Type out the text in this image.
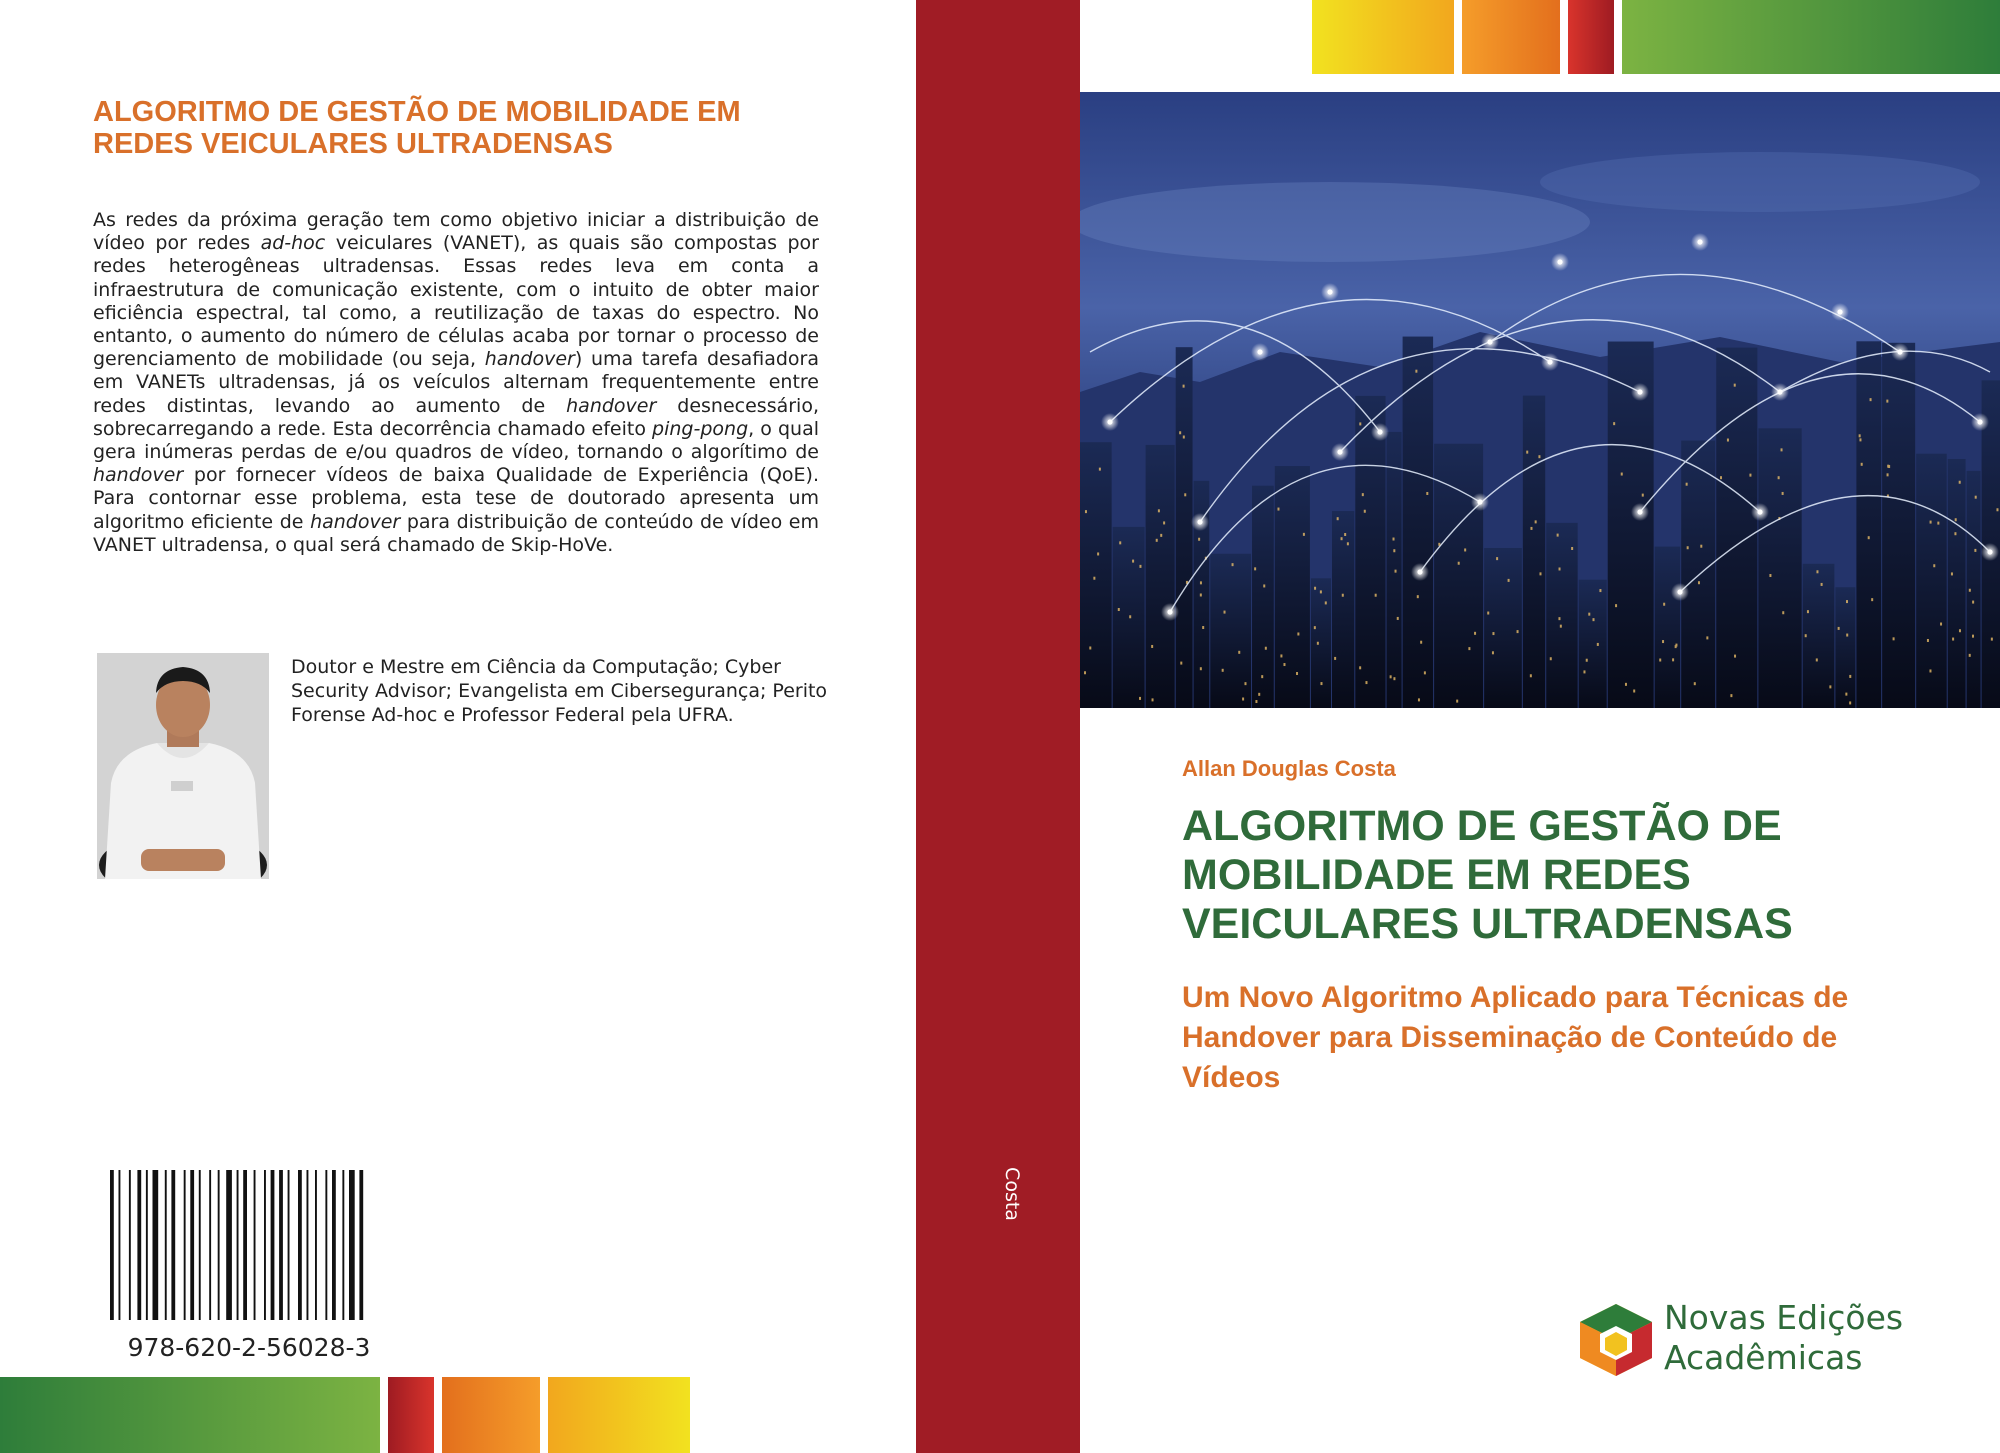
ALGORITMO DE GESTÃO DE MOBILIDADE EM REDES VEICULARES ULTRADENSAS

As redes da próxima geração tem como objetivo iniciar a distribuição de vídeo por redes ad-hoc veiculares (VANET), as quais são compostas por redes heterogêneas ultradensas. Essas redes leva em conta a infraestrutura de comunicação existente, com o intuito de obter maior eficiência espectral, tal como, a reutilização de taxas do espectro. No entanto, o aumento do número de células acaba por tornar o processo de gerenciamento de mobilidade (ou seja, handover) uma tarefa desafiadora em VANETs ultradensas, já os veículos alternam frequentemente entre redes distintas, levando ao aumento de handover desnecessário, sobrecarregando a rede. Esta decorrência chamado efeito ping-pong, o qual gera inúmeras perdas de e/ou quadros de vídeo, tornando o algorítimo de handover por fornecer vídeos de baixa Qualidade de Experiência (QoE). Para contornar esse problema, esta tese de doutorado apresenta um algoritmo eficiente de handover para distribuição de conteúdo de vídeo em VANET ultradensa, o qual será chamado de Skip-HoVe.

Doutor e Mestre em Ciência da Computação; Cyber Security Advisor; Evangelista em Cibersegurança; Perito Forense Ad-hoc e Professor Federal pela UFRA.

978-620-2-56028-3
Costa

Allan Douglas Costa

ALGORITMO DE GESTÃO DE MOBILIDADE EM REDES VEICULARES ULTRADENSAS
Um Novo Algoritmo Aplicado para Técnicas de Handover para Disseminação de Conteúdo de Vídeos

Novas Edições
Acadêmicas
